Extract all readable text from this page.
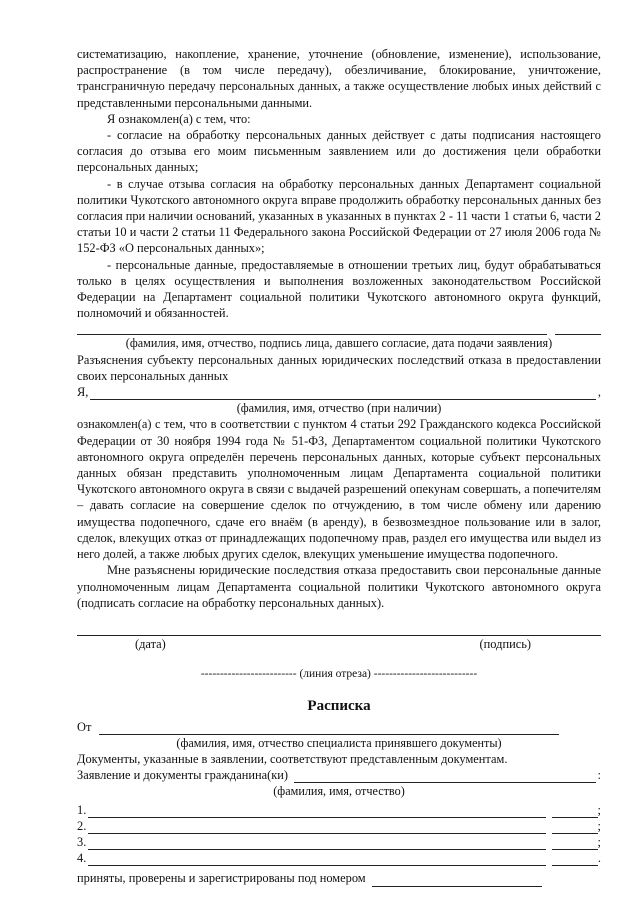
систематизацию, накопление, хранение, уточнение (обновление, изменение), использование, распространение (в том числе передачу), обезличивание, блокирование, уничтожение, трансграничную передачу персональных данных, а также осуществление любых иных действий с представленными персональными данными.

Я ознакомлен(а) с тем, что:

- согласие на обработку персональных данных действует с даты подписания настоящего согласия до отзыва его моим письменным заявлением или до достижения цели обработки персональных данных;

- в случае отзыва согласия на обработку персональных данных Департамент социальной политики Чукотского автономного округа вправе продолжить обработку персональных данных без согласия при наличии оснований, указанных в указанных в пунктах 2 - 11 части 1 статьи 6, части 2 статьи 10 и части 2 статьи 11 Федерального закона Российской Федерации от 27 июля 2006 года № 152-ФЗ «О персональных данных»;

- персональные данные, предоставляемые в отношении третьих лиц, будут обрабатываться только в целях осуществления и выполнения возложенных законодательством Российской Федерации на Департамент социальной политики Чукотского автономного округа функций, полномочий и обязанностей.

(фамилия, имя, отчество, подпись лица, давшего согласие, дата подачи заявления)

Разъяснения субъекту персональных данных юридических последствий отказа в предоставлении своих персональных данных

Я,	,

(фамилия, имя, отчество (при наличии)

ознакомлен(а) с тем, что в соответствии с пунктом 4 статьи 292 Гражданского кодекса Российской Федерации от 30 ноября 1994 года № 51-ФЗ, Департаментом социальной политики Чукотского автономного округа определён перечень персональных данных, которые субъект персональных данных обязан представить уполномоченным лицам Департамента социальной политики Чукотского автономного округа в связи с выдачей разрешений опекунам совершать, а попечителям – давать согласие на совершение сделок по отчуждению, в том числе обмену или дарению имущества подопечного, сдаче его внаём (в аренду), в безвозмездное пользование или в залог, сделок, влекущих отказ от принадлежащих подопечному прав, раздел его имущества или выдел из него долей, а также любых других сделок, влекущих уменьшение имущества подопечного.

Мне разъяснены юридические последствия отказа предоставить свои персональные данные уполномоченным лицам Департамента социальной политики Чукотского автономного округа (подписать согласие на обработку персональных данных).

(дата)	(подпись)

------------------------- (линия отреза) ---------------------------

Расписка

От

(фамилия, имя, отчество специалиста принявшего документы)

Документы, указанные в заявлении, соответствуют представленным документам.

Заявление и документы гражданина(ки)	:

(фамилия, имя, отчество)

1.	;
2.	;
3.	;
4.	.
приняты, проверены и зарегистрированы под номером
